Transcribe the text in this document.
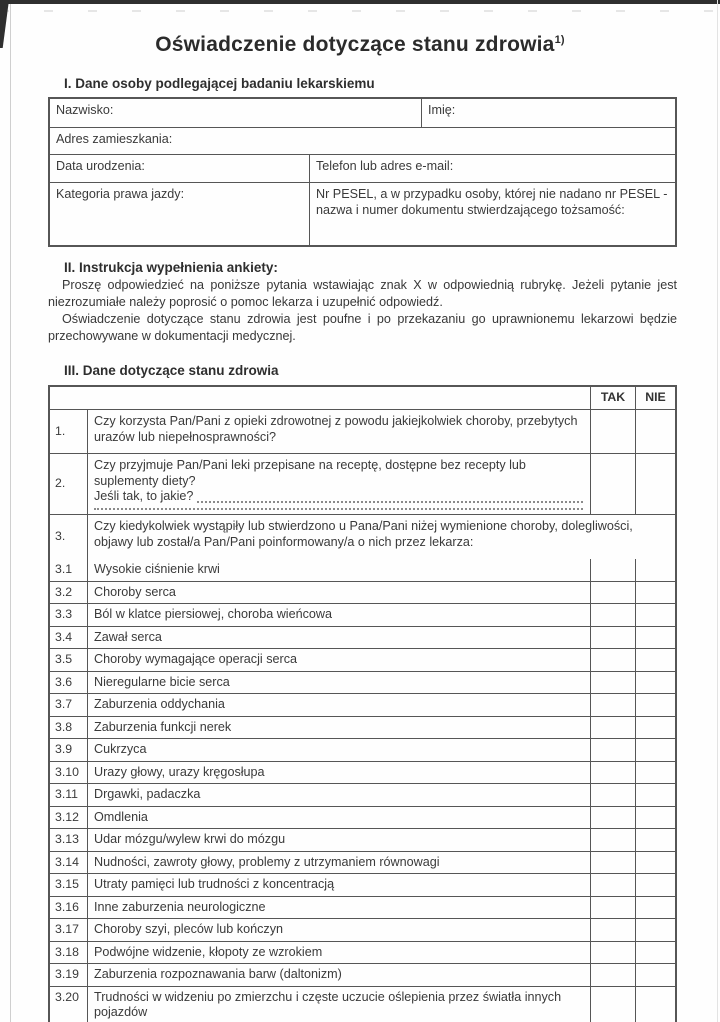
Oświadczenie dotyczące stanu zdrowia$^{1)}$
I. Dane osoby podlegającej badaniu lekarskiemu
Nazwisko:	Imię:
Adres zamieszkania:
Data urodzenia:	Telefon lub adres e-mail:
Kategoria prawa jazdy:	Nr PESEL, a w przypadku osoby, której nie nadano nr PESEL - nazwa i numer dokumentu stwierdzającego tożsamość:
II. Instrukcja wypełnienia ankiety:

Proszę odpowiedzieć na poniższe pytania wstawiając znak X w odpowiednią rubrykę. Jeżeli pytanie jest niezrozumiałe należy poprosić o pomoc lekarza i uzupełnić odpowiedź.

Oświadczenie dotyczące stanu zdrowia jest poufne i po przekazaniu go uprawnionemu lekarzowi będzie przechowywane w dokumentacji medycznej.

III. Dane dotyczące stanu zdrowia
TAK	NIE
1.
Czy korzysta Pan/Pani z opieki zdrowotnej z powodu jakiejkolwiek choroby, przebytych urazów lub niepełnosprawności?
2.
Czy przyjmuje Pan/Pani leki przepisane na receptę, dostępne bez recepty lub suplementy diety?
Jeśli tak, to jakie?
3.
Czy kiedykolwiek wystąpiły lub stwierdzono u Pana/Pani niżej wymienione choroby, dolegliwości, objawy lub został/a Pan/Pani poinformowany/a o nich przez lekarza:
3.1	Wysokie ciśnienie krwi
3.2	Choroby serca
3.3	Ból w klatce piersiowej, choroba wieńcowa
3.4	Zawał serca
3.5	Choroby wymagające operacji serca
3.6	Nieregularne bicie serca
3.7	Zaburzenia oddychania
3.8	Zaburzenia funkcji nerek
3.9	Cukrzyca
3.10	Urazy głowy, urazy kręgosłupa
3.11	Drgawki, padaczka
3.12	Omdlenia
3.13	Udar mózgu/wylew krwi do mózgu
3.14	Nudności, zawroty głowy, problemy z utrzymaniem równowagi
3.15	Utraty pamięci lub trudności z koncentracją
3.16	Inne zaburzenia neurologiczne
3.17	Choroby szyi, pleców lub kończyn
3.18	Podwójne widzenie, kłopoty ze wzrokiem
3.19	Zaburzenia rozpoznawania barw (daltonizm)
3.20	Trudności w widzeniu po zmierzchu i częste uczucie oślepienia przez światła innych pojazdów
